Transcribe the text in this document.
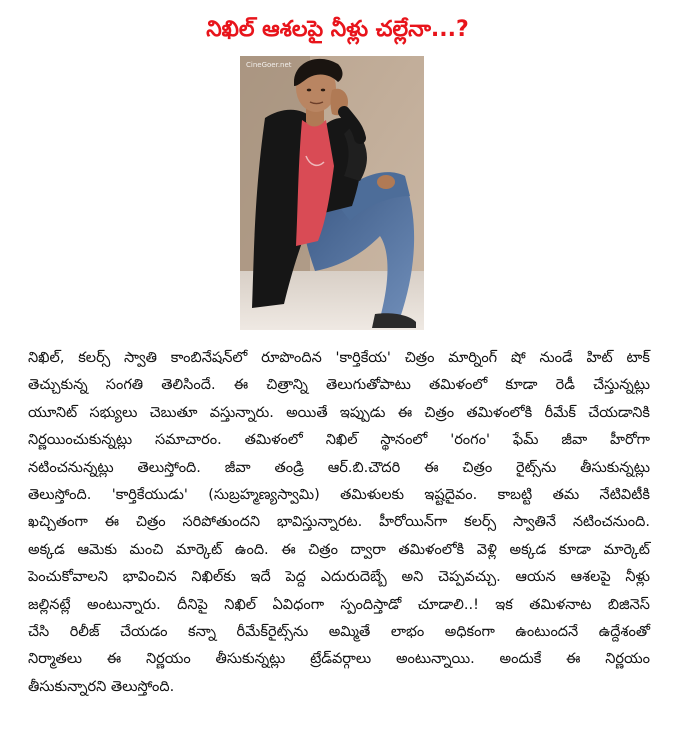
నిఖిల్ ఆశలపై నీళ్లు చల్లేనా...?
CineGoer.net
నిఖిల్, కలర్స్ స్వాతి కాంబినేషన్‌లో రూపొందిన 'కార్తికేయ' చిత్రం మార్నింగ్ షో నుండే హిట్ టాక్
తెచ్చుకున్న సంగతి తెలిసిందే. ఈ చిత్రాన్ని తెలుగుతోపాటు తమిళంలో కూడా రెడీ చేస్తున్నట్లు
యూనిట్ సభ్యులు చెబుతూ వస్తున్నారు. అయితే ఇప్పుడు ఈ చిత్రం తమిళంలోకి రీమేక్ చేయడానికి
నిర్ణయించుకున్నట్లు సమాచారం. తమిళంలో నిఖిల్ స్థానంలో 'రంగం' ఫేమ్ జీవా హీరోగా
నటించనున్నట్లు తెలుస్తోంది. జీవా తండ్రి ఆర్.బి.చౌదరి ఈ చిత్రం రైట్స్‌ను తీసుకున్నట్లు
తెలుస్తోంది. 'కార్తికేయుడు' (సుబ్రహ్మణ్యస్వామి) తమిళులకు ఇష్టదైవం. కాబట్టి తమ నేటివిటీకి
ఖచ్చితంగా ఈ చిత్రం సరిపోతుందని భావిస్తున్నారట. హీరోయిన్‌గా కలర్స్ స్వాతినే నటించనుంది.
అక్కడ ఆమెకు మంచి మార్కెట్ ఉంది. ఈ చిత్రం ద్వారా తమిళంలోకి వెళ్లి అక్కడ కూడా మార్కెట్
పెంచుకోవాలని భావించిన నిఖిల్‌కు ఇదే పెద్ద ఎదురుదెబ్బే అని చెప్పవచ్చు. ఆయన ఆశలపై నీళ్లు
జల్లినట్లే అంటున్నారు. దీనిపై నిఖిల్ ఏవిధంగా స్పందిస్తాడో చూడాలి..! ఇక తమిళనాట బిజినెస్
చేసి రిలీజ్ చేయడం కన్నా రీమేక్‌రైట్స్‌ను అమ్మితే లాభం అధికంగా ఉంటుందనే ఉద్దేశంతో
నిర్మాతలు ఈ నిర్ణయం తీసుకున్నట్లు ట్రేడ్‌వర్గాలు అంటున్నాయి. అందుకే ఈ నిర్ణయం
తీసుకున్నారని తెలుస్తోంది.
